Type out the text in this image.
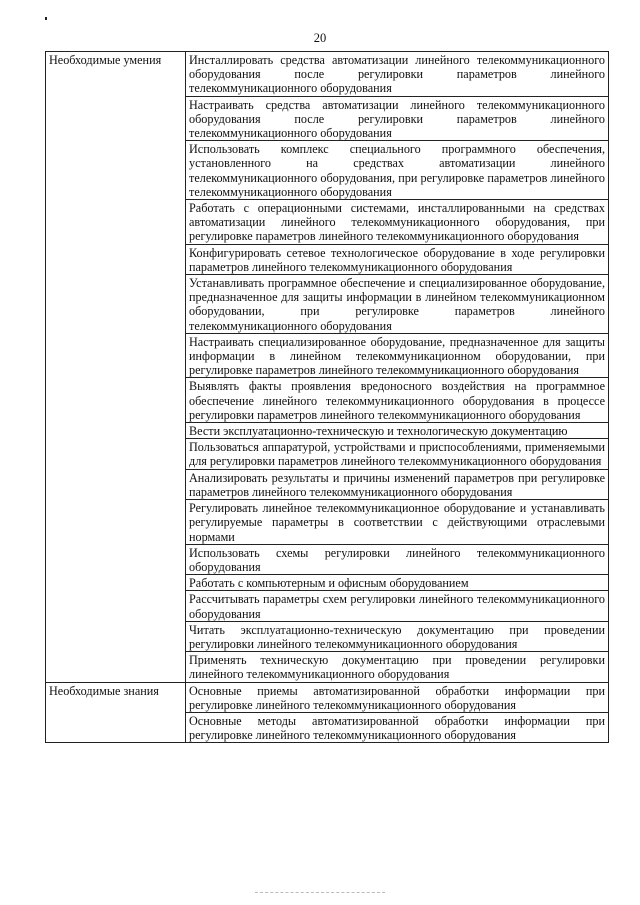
20
Необходимые умения	Инсталлировать средства автоматизации линейного телекоммуникационного оборудования после регулировки параметров линейного телекоммуникационного оборудования
	Настраивать средства автоматизации линейного телекоммуникационного оборудования после регулировки параметров линейного телекоммуникационного оборудования
	Использовать комплекс специального программного обеспечения, установленного на средствах автоматизации линейного телекоммуникационного оборудования, при регулировке параметров линейного телекоммуникационного оборудования
	Работать с операционными системами, инсталлированными на средствах автоматизации линейного телекоммуникационного оборудования, при регулировке параметров линейного телекоммуникационного оборудования
	Конфигурировать сетевое технологическое оборудование в ходе регулировки параметров линейного телекоммуникационного оборудования
	Устанавливать программное обеспечение и специализированное оборудование, предназначенное для защиты информации в линейном телекоммуникационном оборудовании, при регулировке параметров линейного телекоммуникационного оборудования
	Настраивать специализированное оборудование, предназначенное для защиты информации в линейном телекоммуникационном оборудовании, при регулировке параметров линейного телекоммуникационного оборудования
	Выявлять факты проявления вредоносного воздействия на программное обеспечение линейного телекоммуникационного оборудования в процессе регулировки параметров линейного телекоммуникационного оборудования
	Вести эксплуатационно-техническую и технологическую документацию
	Пользоваться аппаратурой, устройствами и приспособлениями, применяемыми для регулировки параметров линейного телекоммуникационного оборудования
	Анализировать результаты и причины изменений параметров при регулировке параметров линейного телекоммуникационного оборудования
	Регулировать линейное телекоммуникационное оборудование и устанавливать регулируемые параметры в соответствии с действующими отраслевыми нормами
	Использовать схемы регулировки линейного телекоммуникационного оборудования
	Работать с компьютерным и офисным оборудованием
	Рассчитывать параметры схем регулировки линейного телекоммуникационного оборудования
	Читать эксплуатационно-техническую документацию при проведении регулировки линейного телекоммуникационного оборудования
	Применять техническую документацию при проведении регулировки линейного телекоммуникационного оборудования
Необходимые знания	Основные приемы автоматизированной обработки информации при регулировке линейного телекоммуникационного оборудования
	Основные методы автоматизированной обработки информации при регулировке линейного телекоммуникационного оборудования
